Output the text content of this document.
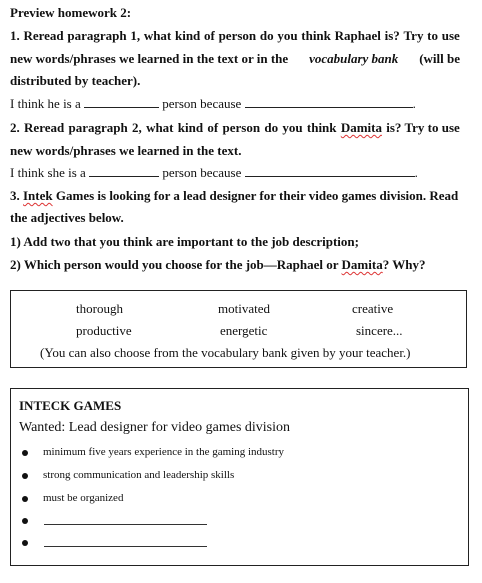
Preview homework 2:
1. Reread paragraph 1, what kind of person do you think Raphael is? Try to use
new words/phrases we learned in the text or in the vocabulary bank (will be
distributed by teacher).
I think he is a	person because	.
2. Reread paragraph 2, what kind of person do you think Damita is? Try to use
new words/phrases we learned in the text.
I think she is a	person because	.
3. Intek Games is looking for a lead designer for their video games division. Read
the adjectives below.
1) Add two that you think are important to the job description;
2) Which person would you choose for the job—Raphael or Damita? Why?
thorough	motivated	creative
productive	energetic	sincere...
(You can also choose from the vocabulary bank given by your teacher.)
INTECK GAMES
Wanted: Lead designer for video games division
minimum five years experience in the gaming industry
strong communication and leadership skills
must be organized
